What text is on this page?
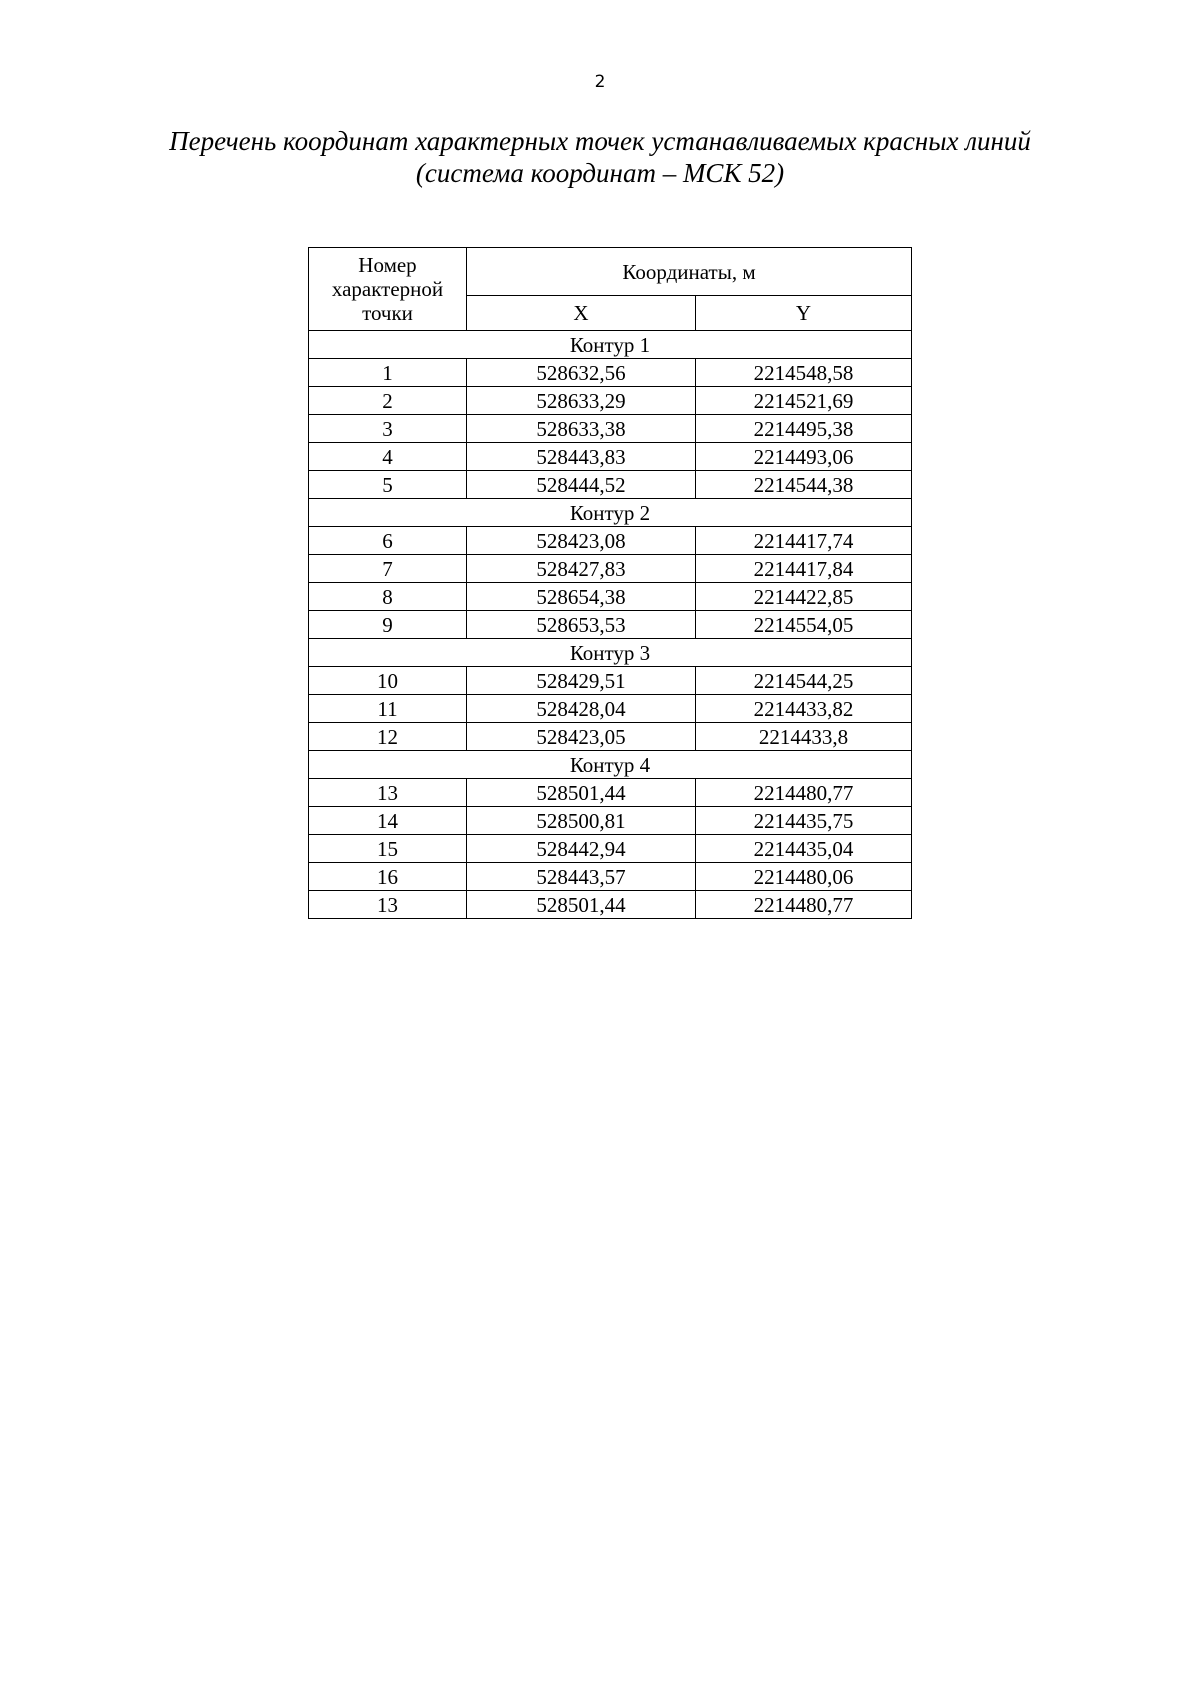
2
Перечень координат характерных точек устанавливаемых красных линий
(система координат – МСК 52)
Номер
характерной
точки	Координаты, м	
	X	Y
Контур 1		
1	528632,56	2214548,58
2	528633,29	2214521,69
3	528633,38	2214495,38
4	528443,83	2214493,06
5	528444,52	2214544,38
Контур 2		
6	528423,08	2214417,74
7	528427,83	2214417,84
8	528654,38	2214422,85
9	528653,53	2214554,05
Контур 3		
10	528429,51	2214544,25
11	528428,04	2214433,82
12	528423,05	2214433,8
Контур 4		
13	528501,44	2214480,77
14	528500,81	2214435,75
15	528442,94	2214435,04
16	528443,57	2214480,06
13	528501,44	2214480,77
